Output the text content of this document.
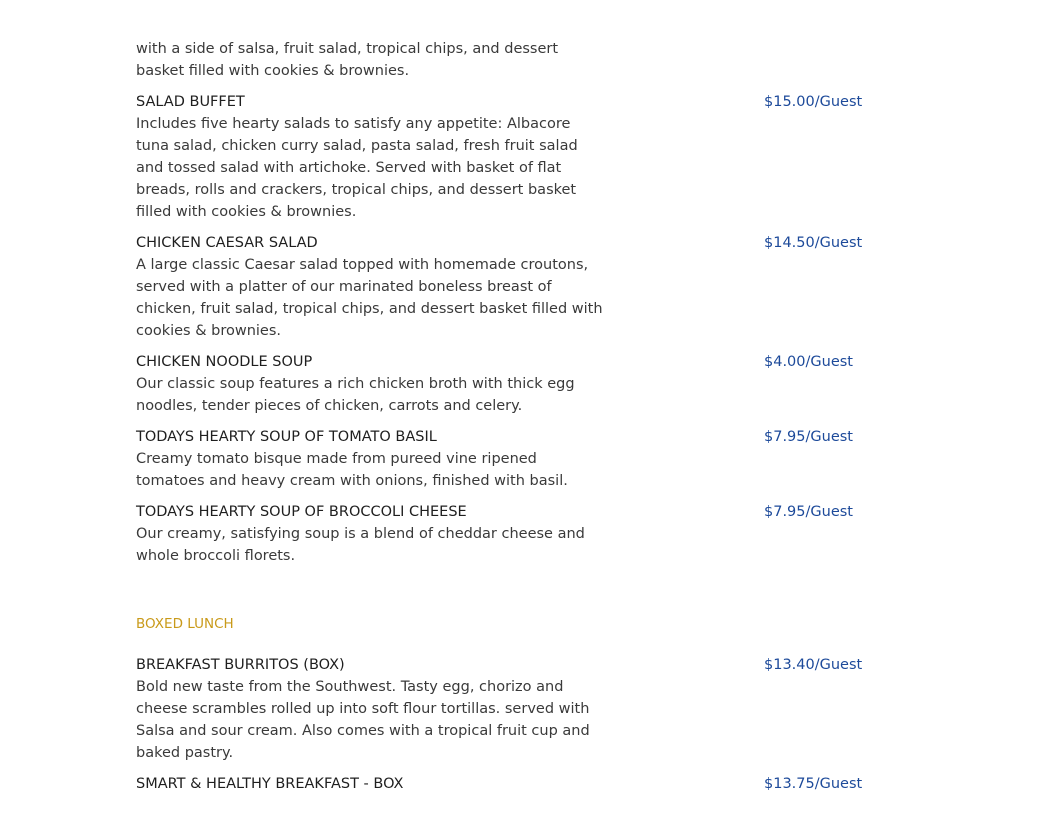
with a side of salsa, fruit salad, tropical chips, and dessert basket filled with cookies & brownies.
SALAD BUFFET	$15.00/Guest
Includes five hearty salads to satisfy any appetite: Albacore tuna salad, chicken curry salad, pasta salad, fresh fruit salad and tossed salad with artichoke. Served with basket of flat breads, rolls and crackers, tropical chips, and dessert basket filled with cookies & brownies.
CHICKEN CAESAR SALAD	$14.50/Guest
A large classic Caesar salad topped with homemade croutons, served with a platter of our marinated boneless breast of chicken, fruit salad, tropical chips, and dessert basket filled with cookies & brownies.
CHICKEN NOODLE SOUP	$4.00/Guest
Our classic soup features a rich chicken broth with thick egg noodles, tender pieces of chicken, carrots and celery.
TODAYS HEARTY SOUP OF TOMATO BASIL	$7.95/Guest
Creamy tomato bisque made from pureed vine ripened tomatoes and heavy cream with onions, finished with basil.
TODAYS HEARTY SOUP OF BROCCOLI CHEESE	$7.95/Guest
Our creamy, satisfying soup is a blend of cheddar cheese and whole broccoli florets.
BOXED LUNCH
BREAKFAST BURRITOS (BOX)	$13.40/Guest
Bold new taste from the Southwest. Tasty egg, chorizo and cheese scrambles rolled up into soft flour tortillas. served with Salsa and sour cream. Also comes with a tropical fruit cup and baked pastry.
SMART & HEALTHY BREAKFAST - BOX	$13.75/Guest
